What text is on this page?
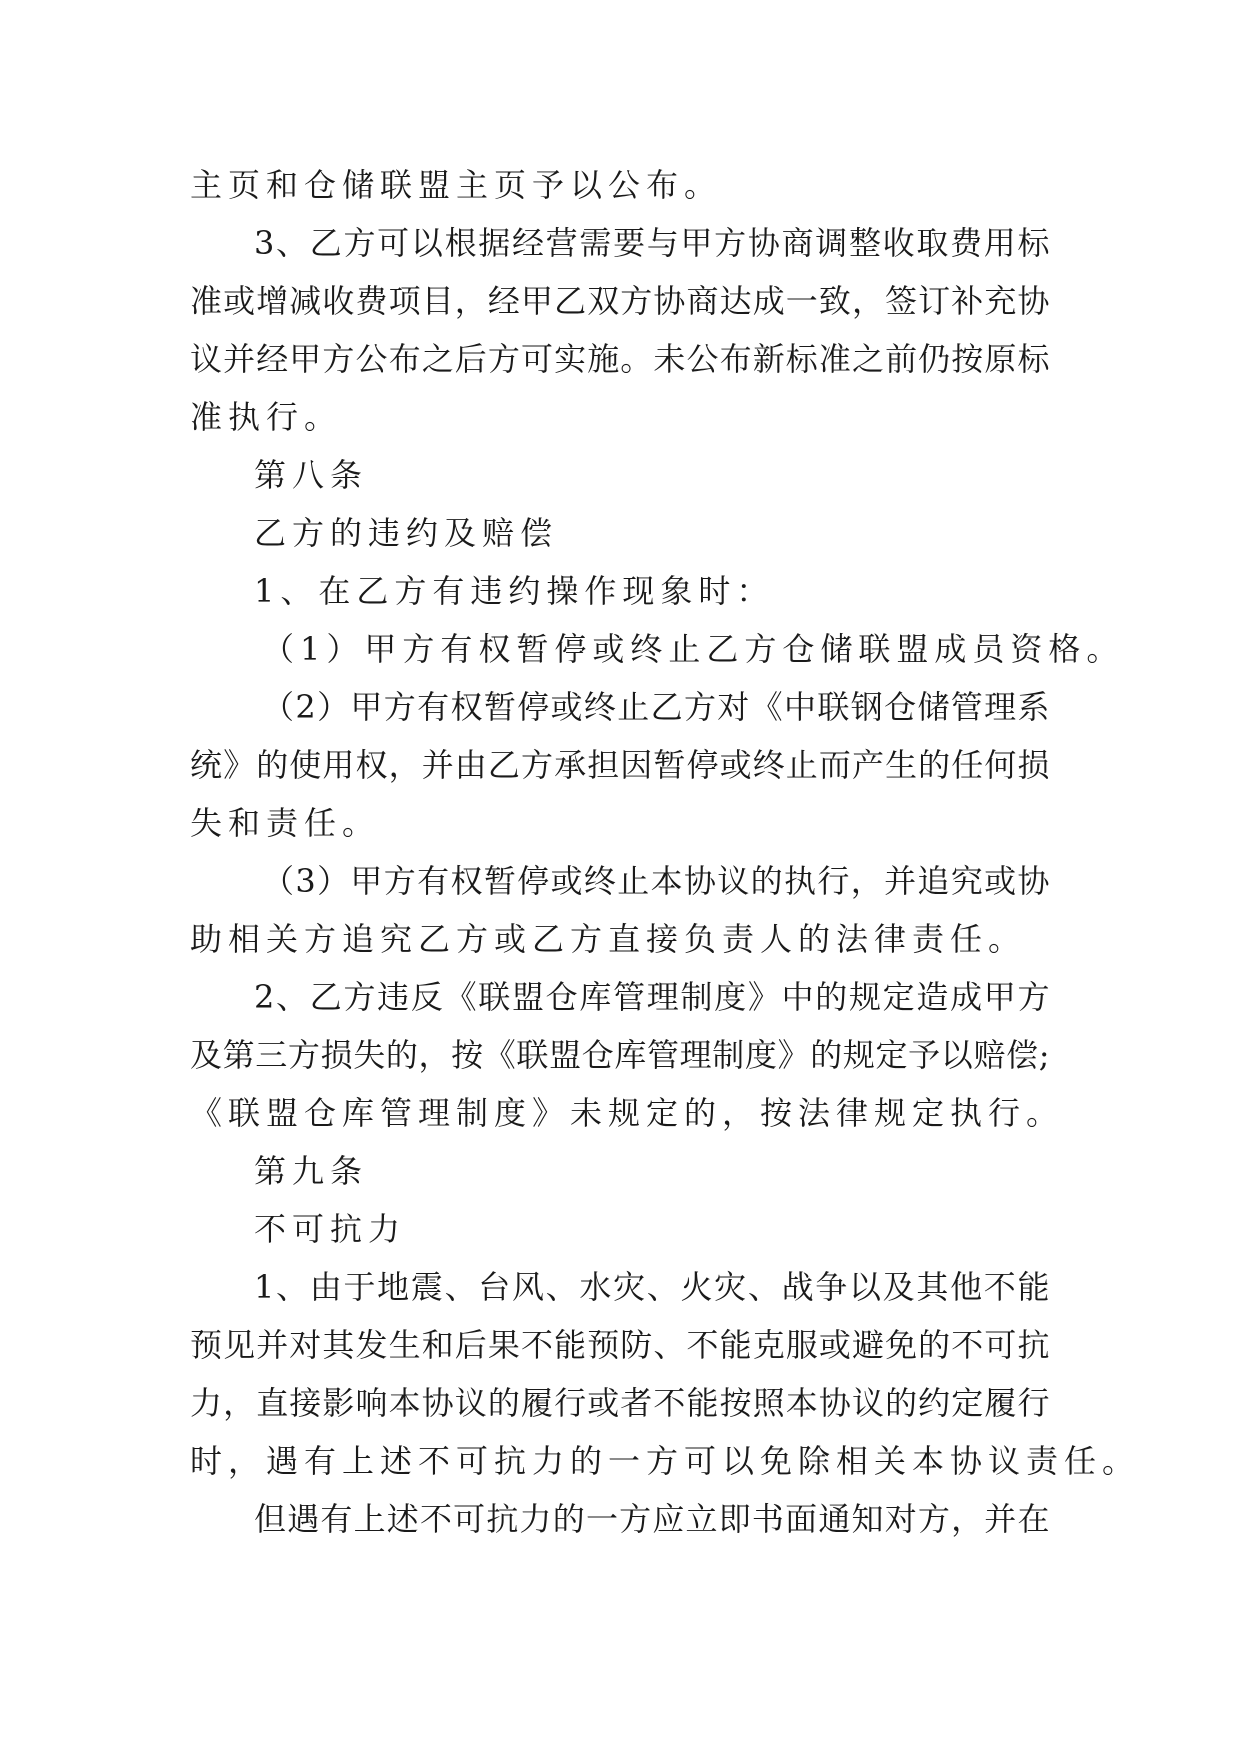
主页和仓储联盟主页予以公布。
3、乙方可以根据经营需要与甲方协商调整收取费用标
准或增减收费项目，经甲乙双方协商达成一致，签订补充协
议并经甲方公布之后方可实施。未公布新标准之前仍按原标
准执行。
第八条
乙方的违约及赔偿
1、在乙方有违约操作现象时：
（1）甲方有权暂停或终止乙方仓储联盟成员资格。
（2）甲方有权暂停或终止乙方对《中联钢仓储管理系
统》的使用权，并由乙方承担因暂停或终止而产生的任何损
失和责任。
（3）甲方有权暂停或终止本协议的执行，并追究或协
助相关方追究乙方或乙方直接负责人的法律责任。
2、乙方违反《联盟仓库管理制度》中的规定造成甲方
及第三方损失的，按《联盟仓库管理制度》的规定予以赔偿;
《联盟仓库管理制度》未规定的，按法律规定执行。
第九条
不可抗力
1、由于地震、台风、水灾、火灾、战争以及其他不能
预见并对其发生和后果不能预防、不能克服或避免的不可抗
力，直接影响本协议的履行或者不能按照本协议的约定履行
时，遇有上述不可抗力的一方可以免除相关本协议责任。
但遇有上述不可抗力的一方应立即书面通知对方，并在
